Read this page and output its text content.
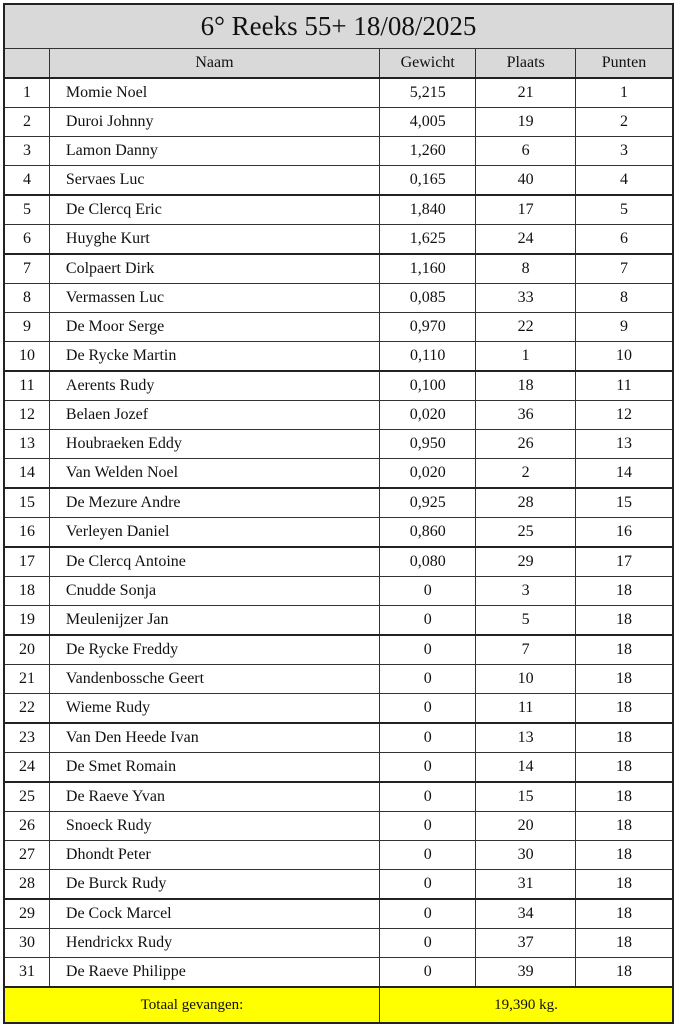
6° Reeks 55+ 18/08/2025				
	Naam	Gewicht	Plaats	Punten
1	Momie Noel	5,215	21	1
2	Duroi Johnny	4,005	19	2
3	Lamon Danny	1,260	6	3
4	Servaes Luc	0,165	40	4
5	De Clercq Eric	1,840	17	5
6	Huyghe Kurt	1,625	24	6
7	Colpaert Dirk	1,160	8	7
8	Vermassen Luc	0,085	33	8
9	De Moor Serge	0,970	22	9
10	De Rycke Martin	0,110	1	10
11	Aerents Rudy	0,100	18	11
12	Belaen Jozef	0,020	36	12
13	Houbraeken Eddy	0,950	26	13
14	Van Welden Noel	0,020	2	14
15	De Mezure Andre	0,925	28	15
16	Verleyen Daniel	0,860	25	16
17	De Clercq Antoine	0,080	29	17
18	Cnudde Sonja	0	3	18
19	Meulenijzer Jan	0	5	18
20	De Rycke Freddy	0	7	18
21	Vandenbossche Geert	0	10	18
22	Wieme Rudy	0	11	18
23	Van Den Heede Ivan	0	13	18
24	De Smet Romain	0	14	18
25	De Raeve Yvan	0	15	18
26	Snoeck Rudy	0	20	18
27	Dhondt Peter	0	30	18
28	De Burck Rudy	0	31	18
29	De Cock Marcel	0	34	18
30	Hendrickx Rudy	0	37	18
31	De Raeve Philippe	0	39	18
Totaal gevangen:		19,390 kg.		
